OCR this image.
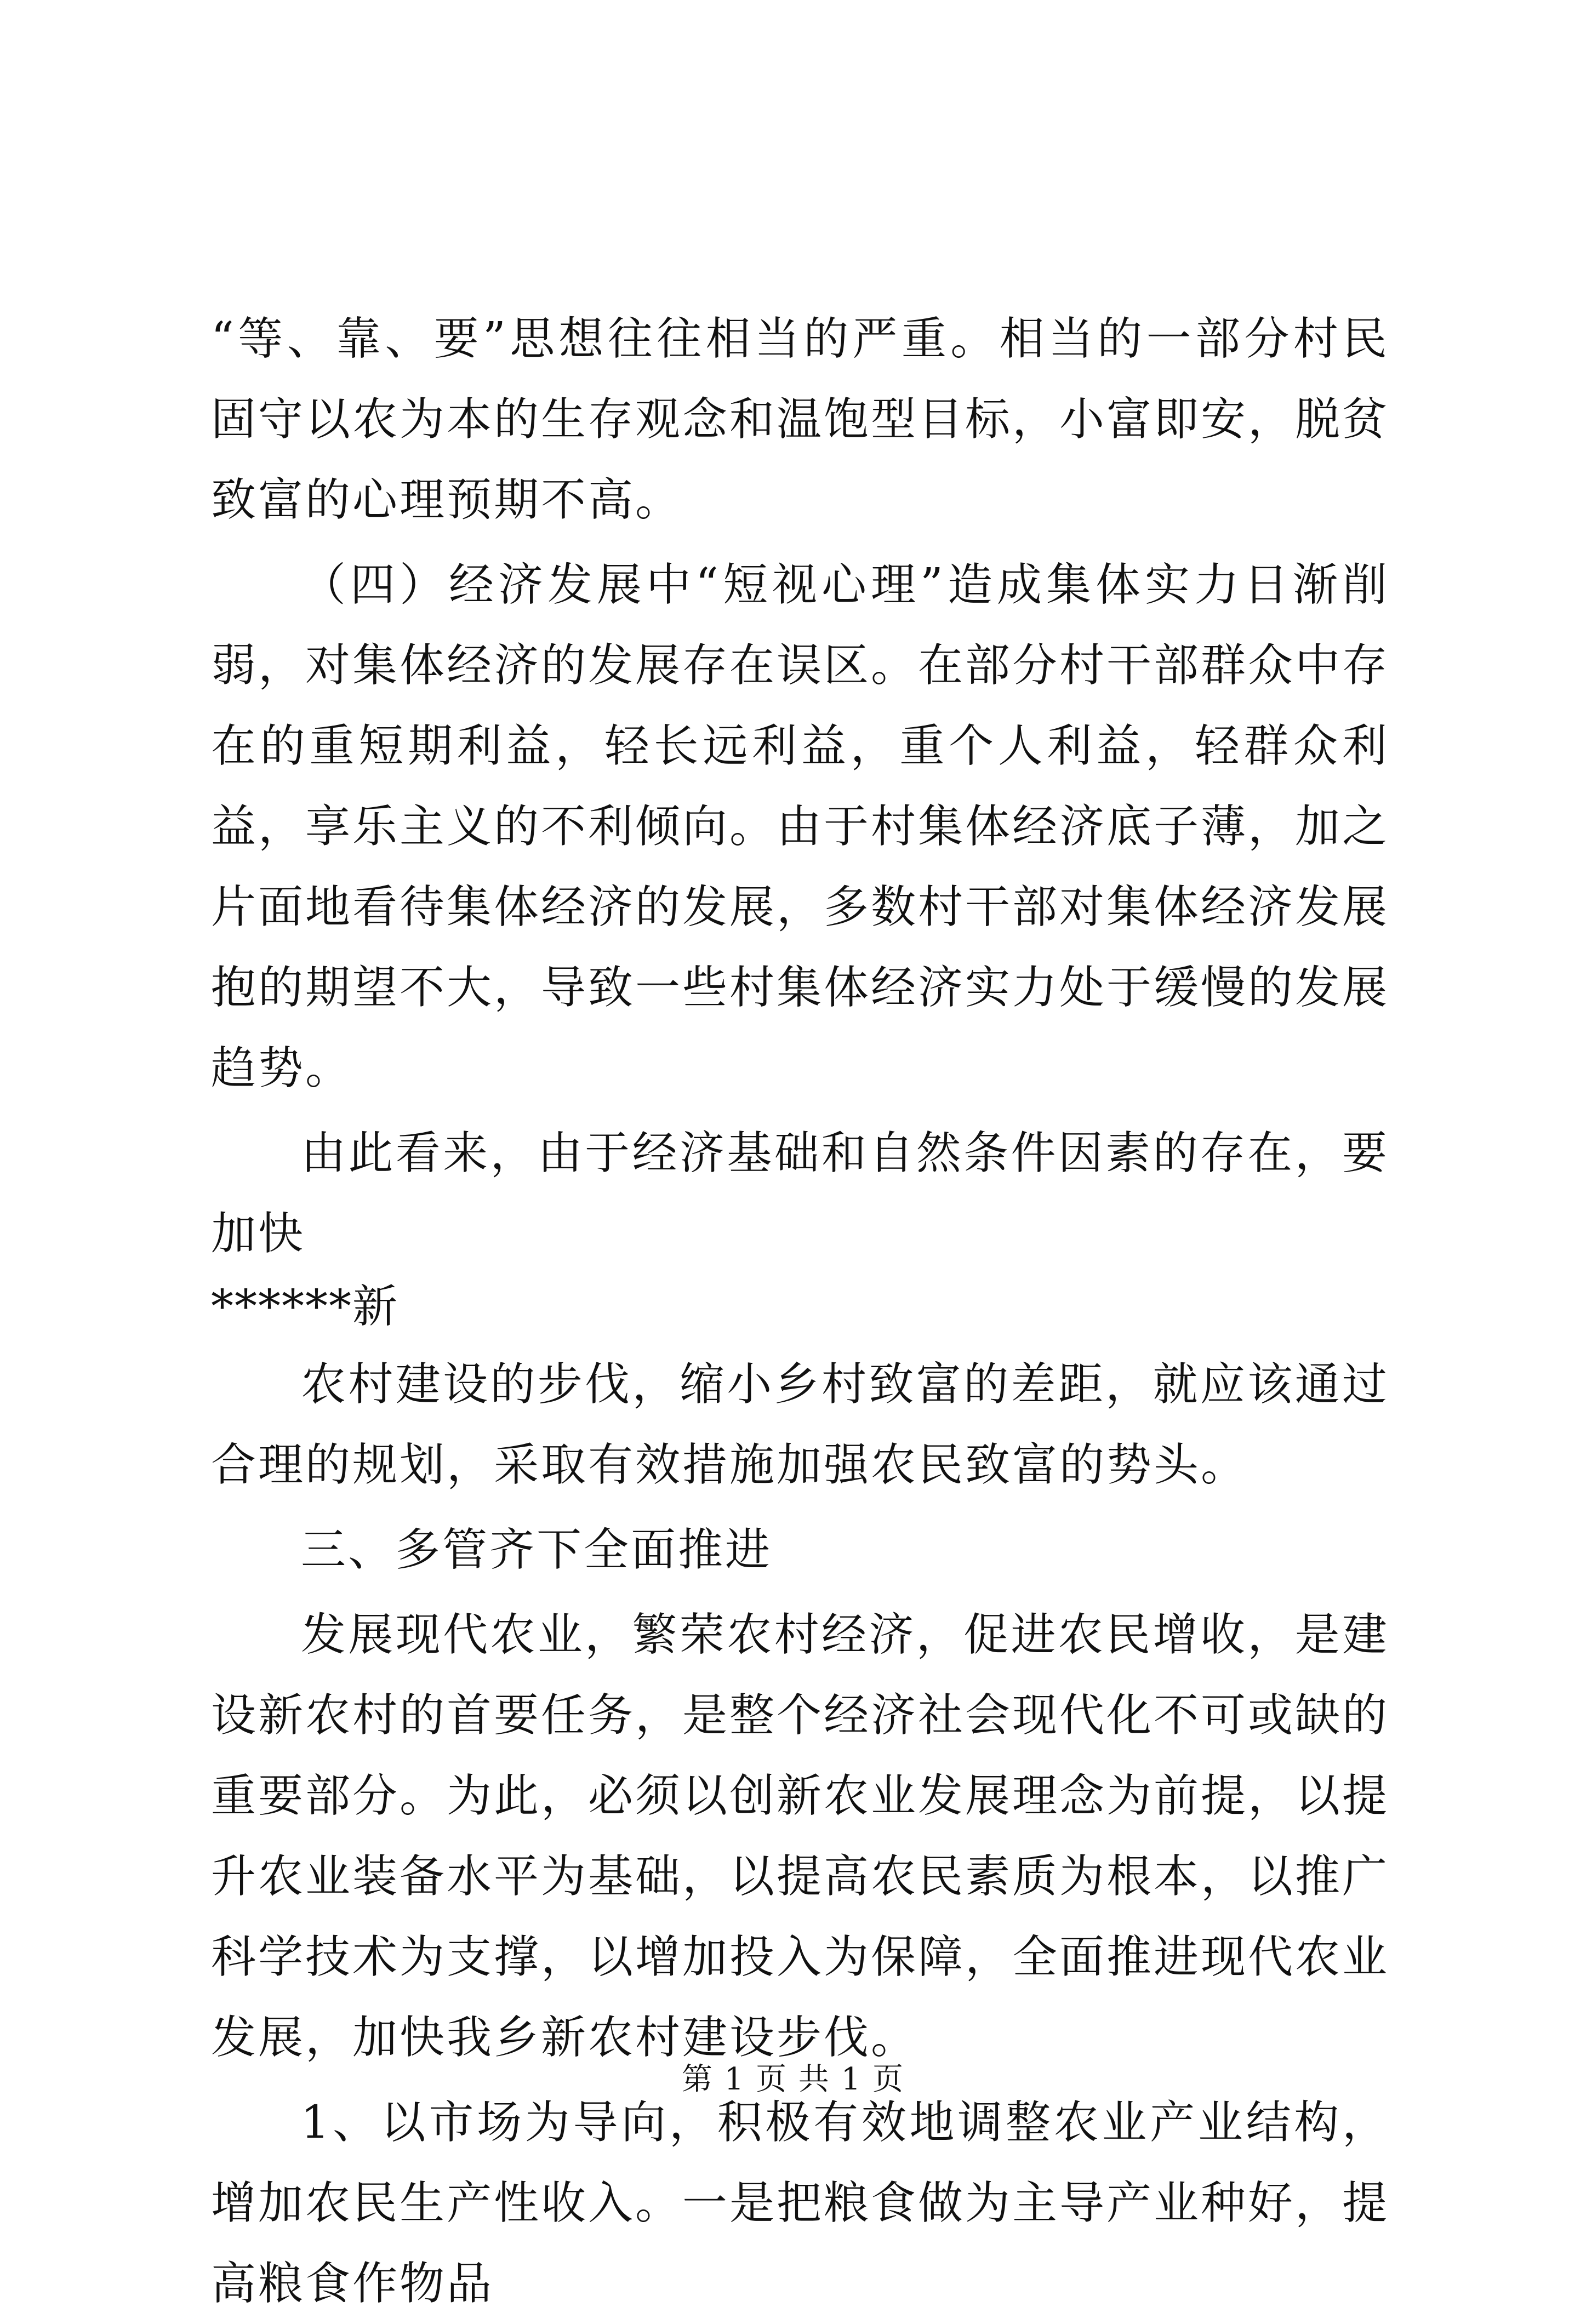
“等、靠、要”思想往往相当的严重。相当的一部分村民固守以农为本的生存观念和温饱型目标，小富即安，脱贫致富的心理预期不高。

（四）经济发展中“短视心理”造成集体实力日渐削弱，对集体经济的发展存在误区。在部分村干部群众中存在的重短期利益，轻长远利益，重个人利益，轻群众利益，享乐主义的不利倾向。由于村集体经济底子薄，加之片面地看待集体经济的发展，多数村干部对集体经济发展抱的期望不大，导致一些村集体经济实力处于缓慢的发展趋势。

由此看来，由于经济基础和自然条件因素的存在，要加快

******新

农村建设的步伐，缩小乡村致富的差距，就应该通过合理的规划，采取有效措施加强农民致富的势头。

三、多管齐下全面推进

发展现代农业，繁荣农村经济，促进农民增收，是建设新农村的首要任务，是整个经济社会现代化不可或缺的重要部分。为此，必须以创新农业发展理念为前提，以提升农业装备水平为基础，以提高农民素质为根本，以推广科学技术为支撑，以增加投入为保障，全面推进现代农业发展，加快我乡新农村建设步伐。

1、以市场为导向，积极有效地调整农业产业结构，增加农民生产性收入。一是把粮食做为主导产业种好，提高粮食作物品

第 1 页 共 1 页
